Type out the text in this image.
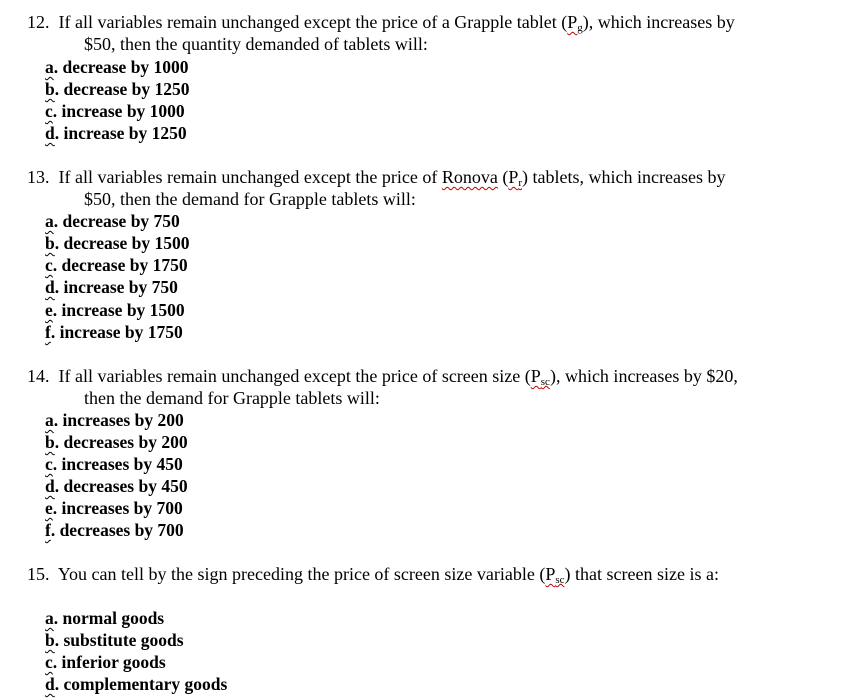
12. If all variables remain unchanged except the price of a Grapple tablet (Pg), which increases by
$50, then the quantity demanded of tablets will:
a. decrease by 1000
b. decrease by 1250
c. increase by 1000
d. increase by 1250
13. If all variables remain unchanged except the price of Ronova (Pr) tablets, which increases by
$50, then the demand for Grapple tablets will:
a. decrease by 750
b. decrease by 1500
c. decrease by 1750
d. increase by 750
e. increase by 1500
f. increase by 1750
14. If all variables remain unchanged except the price of screen size (Psc), which increases by $20,
then the demand for Grapple tablets will:
a. increases by 200
b. decreases by 200
c. increases by 450
d. decreases by 450
e. increases by 700
f. decreases by 700
15. You can tell by the sign preceding the price of screen size variable (Psc) that screen size is a:
a. normal goods
b. substitute goods
c. inferior goods
d. complementary goods
